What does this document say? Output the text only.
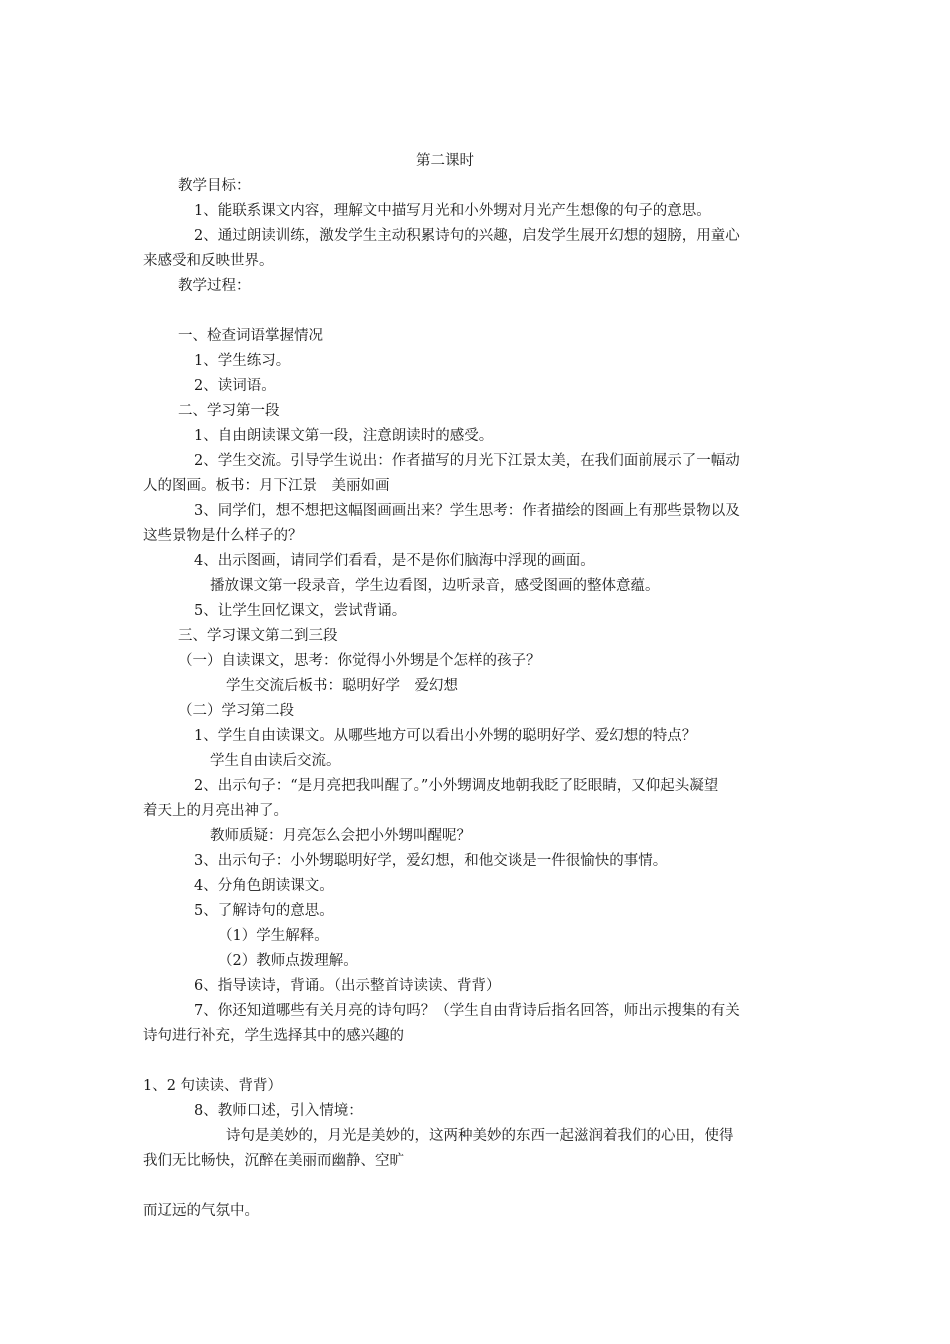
第二课时
教学目标：
1、能联系课文内容，理解文中描写月光和小外甥对月光产生想像的句子的意思。
2、通过朗读训练，激发学生主动积累诗句的兴趣，启发学生展开幻想的翅膀，用童心
来感受和反映世界。
教学过程：
一、检查词语掌握情况
1、学生练习。
2、读词语。
二、学习第一段
1、自由朗读课文第一段，注意朗读时的感受。
2、学生交流。引导学生说出：作者描写的月光下江景太美，在我们面前展示了一幅动
人的图画。板书：月下江景　美丽如画
3、同学们，想不想把这幅图画画出来？学生思考：作者描绘的图画上有那些景物以及
这些景物是什么样子的？
4、出示图画，请同学们看看，是不是你们脑海中浮现的画面。
播放课文第一段录音，学生边看图，边听录音，感受图画的整体意蕴。
5、让学生回忆课文，尝试背诵。
三、学习课文第二到三段
（一）自读课文，思考：你觉得小外甥是个怎样的孩子？
学生交流后板书：聪明好学　爱幻想
（二）学习第二段
1、学生自由读课文。从哪些地方可以看出小外甥的聪明好学、爱幻想的特点？
学生自由读后交流。
2、出示句子：“是月亮把我叫醒了。”小外甥调皮地朝我眨了眨眼睛，又仰起头凝望
着天上的月亮出神了。
教师质疑：月亮怎么会把小外甥叫醒呢？
3、出示句子：小外甥聪明好学，爱幻想，和他交谈是一件很愉快的事情。
4、分角色朗读课文。
5、了解诗句的意思。
（1）学生解释。
（2）教师点拨理解。
6、指导读诗，背诵。（出示整首诗读读、背背）
7、你还知道哪些有关月亮的诗句吗？（学生自由背诗后指名回答，师出示搜集的有关
诗句进行补充，学生选择其中的感兴趣的
1、2 句读读、背背）
8、教师口述，引入情境：
诗句是美妙的，月光是美妙的，这两种美妙的东西一起滋润着我们的心田，使得
我们无比畅快，沉醉在美丽而幽静、空旷
而辽远的气氛中。
